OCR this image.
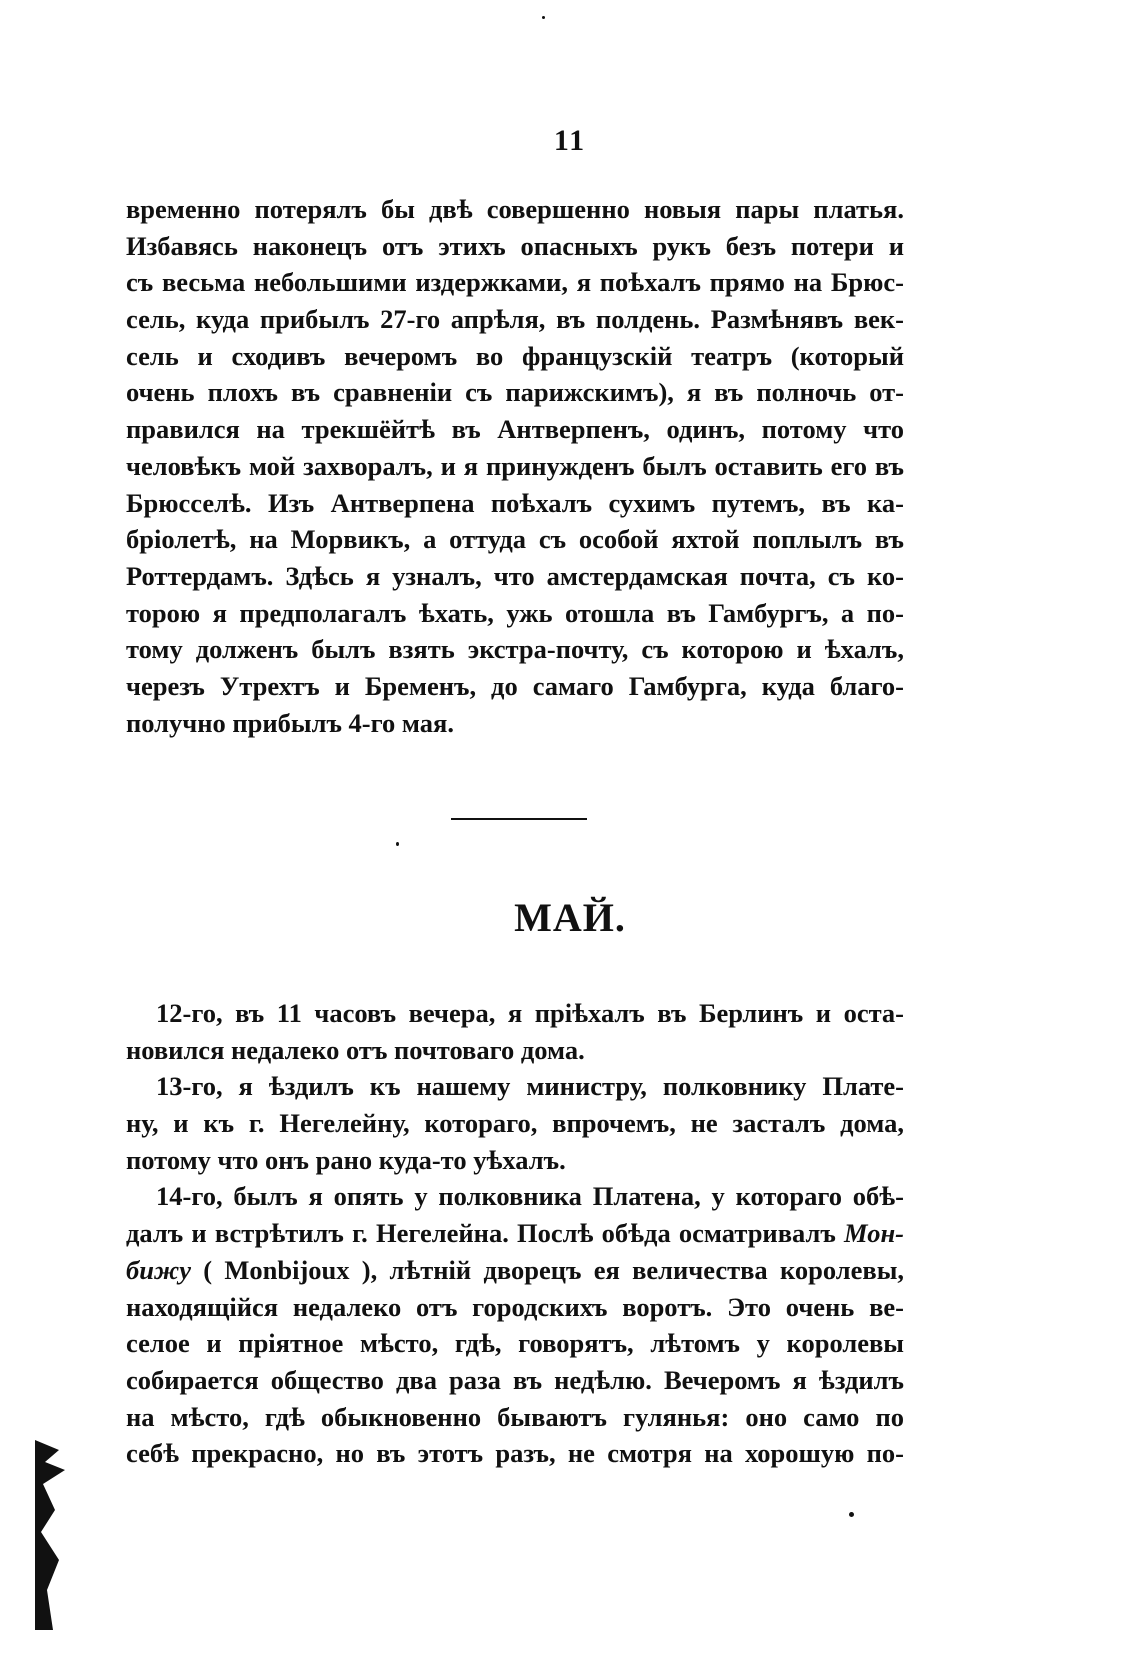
11
временно потерялъ бы двѣ совершенно новыя пары платья.
Избавясь наконецъ отъ этихъ опасныхъ рукъ безъ потери и
съ весьма небольшими издержками, я поѣхалъ прямо на Брюс-
сель, куда прибылъ 27-го апрѣля, въ полдень. Размѣнявъ век-
сель и сходивъ вечеромъ во французскій театръ (который
очень плохъ въ сравненіи съ парижскимъ), я въ полночь от-
правился на трекшёйтѣ въ Антверпенъ, одинъ, потому что
человѣкъ мой захворалъ, и я принужденъ былъ оставить его въ
Брюсселѣ. Изъ Антверпена поѣхалъ сухимъ путемъ, въ ка-
бріолетѣ, на Морвикъ, а оттуда съ особой яхтой поплылъ въ
Роттердамъ. Здѣсь я узналъ, что амстердамская почта, съ ко-
торою я предполагалъ ѣхать, ужь отошла въ Гамбургъ, а по-
тому долженъ былъ взять экстра-почту, съ которою и ѣхалъ,
черезъ Утрехтъ и Бременъ, до самаго Гамбурга, куда благо-
получно прибылъ 4-го мая.
МАЙ.
12-го, въ 11 часовъ вечера, я пріѣхалъ въ Берлинъ и оста-
новился недалеко отъ почтоваго дома.
13-го, я ѣздилъ къ нашему министру, полковнику Плате-
ну, и къ г. Негелейну, котораго, впрочемъ, не засталъ дома,
потому что онъ рано куда-то уѣхалъ.
14-го, былъ я опять у полковника Платена, у котораго обѣ-
далъ и встрѣтилъ г. Негелейна. Послѣ обѣда осматривалъ Мон-
бижу ( Monbijoux ), лѣтній дворецъ ея величества королевы,
находящійся недалеко отъ городскихъ воротъ. Это очень ве-
селое и пріятное мѣсто, гдѣ, говорятъ, лѣтомъ у королевы
собирается общество два раза въ недѣлю. Вечеромъ я ѣздилъ
на мѣсто, гдѣ обыкновенно бываютъ гулянья: оно само по
себѣ прекрасно, но въ этотъ разъ, не смотря на хорошую по-
